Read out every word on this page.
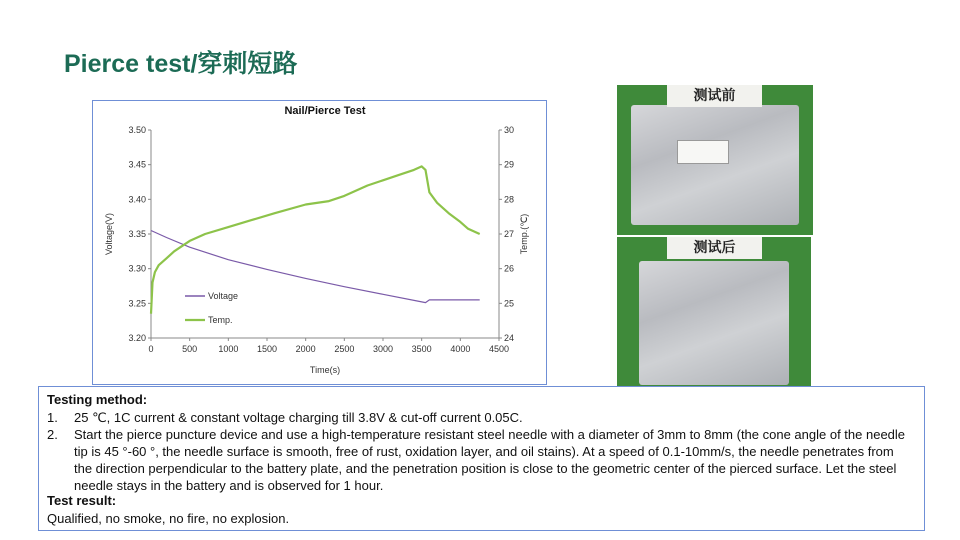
Pierce test/穿刺短路
Nail/Pierce Test
0	500 1000 1500 2000 2500 3000 3500 4000 4500
3.20
3.25
3.30
3.35
3.40
3.45
3.50
24
25
26
27
28
29
30
Time(s)
Voltage(V)	Temp.(℃)
Voltage
Temp.
测试前
测试后
Testing method:
1. 25 ℃, 1C current & constant voltage charging till 3.8V & cut-off current 0.05C.
2. Start the pierce puncture device and use a high-temperature resistant steel needle with a diameter of 3mm to 8mm (the cone angle of the needle tip is 45 °-60 °, the needle surface is smooth, free of rust, oxidation layer, and oil stains). At a speed of 0.1-10mm/s, the needle penetrates from the direction perpendicular to the battery plate, and the penetration position is close to the geometric center of the pierced surface. Let the steel needle stays in the battery and is observed for 1 hour.
Test result:
Qualified, no smoke, no fire, no explosion.
